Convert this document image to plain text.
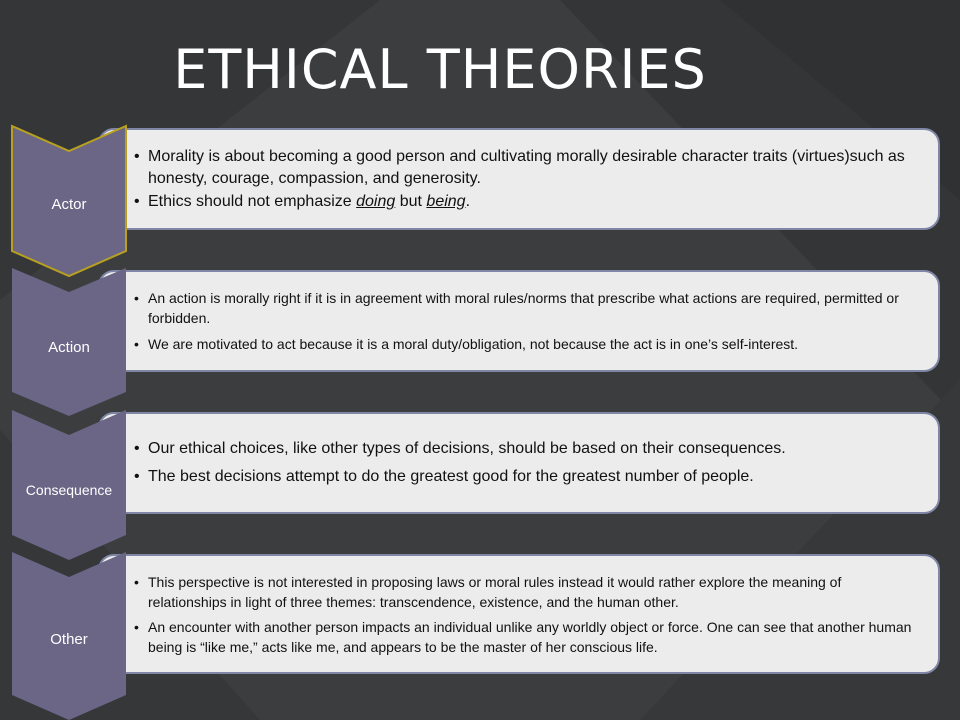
ETHICAL THEORIES
• Morality is about becoming a good person and cultivating morally desirable character traits (virtues)such as honesty, courage, compassion, and generosity.
• Ethics should not emphasize doing but being.
Actor
• An action is morally right if it is in agreement with moral rules/norms that prescribe what actions are required, permitted or forbidden.
• We are motivated to act because it is a moral duty/obligation, not because the act is in one’s self-interest.
Action
• Our ethical choices, like other types of decisions, should be based on their consequences.
• The best decisions attempt to do the greatest good for the greatest number of people.
Consequence
• This perspective is not interested in proposing laws or moral rules instead it would rather explore the meaning of relationships in light of three themes: transcendence, existence, and the human other.
• An encounter with another person impacts an individual unlike any worldly object or force. One can see that another human being is “like me,” acts like me, and appears to be the master of her conscious life.
Other
